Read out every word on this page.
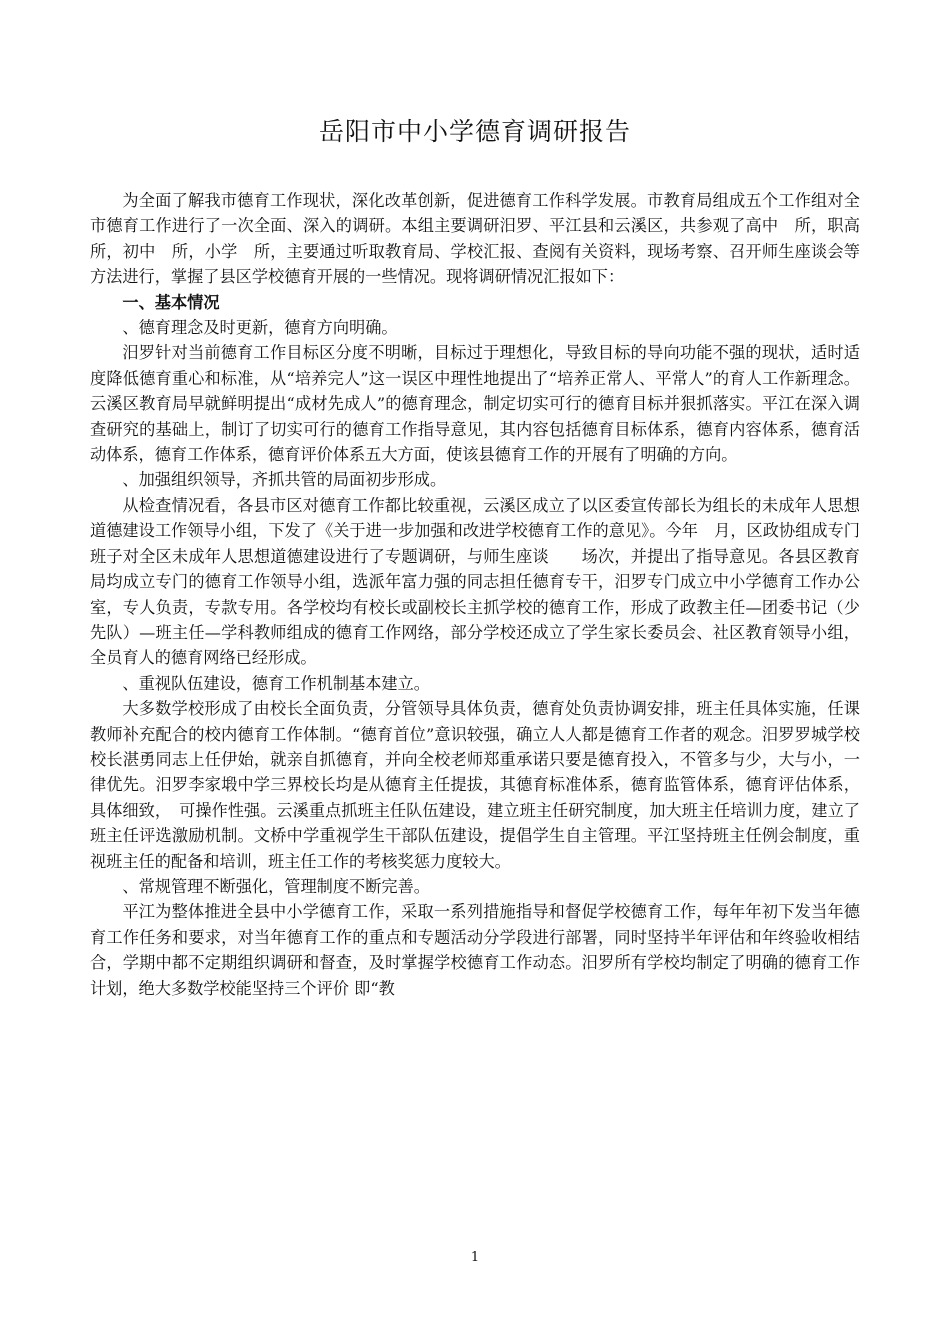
岳阳市中小学德育调研报告

为全面了解我市德育工作现状，深化改革创新，促进德育工作科学发展。市教育局组成五个工作组对全市德育工作进行了一次全面、深入的调研。本组主要调研汨罗、平江县和云溪区，共参观了高中　所，职高　所，初中　所，小学　所，主要通过听取教育局、学校汇报、查阅有关资料，现场考察、召开师生座谈会等方法进行，掌握了县区学校德育开展的一些情况。现将调研情况汇报如下：

一、基本情况

、德育理念及时更新，德育方向明确。

汨罗针对当前德育工作目标区分度不明晰，目标过于理想化，导致目标的导向功能不强的现状，适时适度降低德育重心和标准，从“培养完人”这一误区中理性地提出了“培养正常人、平常人”的育人工作新理念。云溪区教育局早就鲜明提出“成材先成人”的德育理念，制定切实可行的德育目标并狠抓落实。平江在深入调查研究的基础上，制订了切实可行的德育工作指导意见，其内容包括德育目标体系，德育内容体系，德育活动体系，德育工作体系，德育评价体系五大方面，使该县德育工作的开展有了明确的方向。

、加强组织领导，齐抓共管的局面初步形成。

从检查情况看，各县市区对德育工作都比较重视，云溪区成立了以区委宣传部长为组长的未成年人思想道德建设工作领导小组，下发了《关于进一步加强和改进学校德育工作的意见》。今年　月，区政协组成专门班子对全区未成年人思想道德建设进行了专题调研，与师生座谈　　场次，并提出了指导意见。各县区教育局均成立专门的德育工作领导小组，选派年富力强的同志担任德育专干，汨罗专门成立中小学德育工作办公室，专人负责，专款专用。各学校均有校长或副校长主抓学校的德育工作，形成了政教主任—团委书记（少先队）—班主任—学科教师组成的德育工作网络，部分学校还成立了学生家长委员会、社区教育领导小组，全员育人的德育网络已经形成。

、重视队伍建设，德育工作机制基本建立。

大多数学校形成了由校长全面负责，分管领导具体负责，德育处负责协调安排，班主任具体实施，任课教师补充配合的校内德育工作体制。“德育首位”意识较强，确立人人都是德育工作者的观念。汨罗罗城学校校长湛勇同志上任伊始，就亲自抓德育，并向全校老师郑重承诺只要是德育投入，不管多与少，大与小，一律优先。汨罗李家塅中学三界校长均是从德育主任提拔，其德育标准体系，德育监管体系，德育评估体系，具体细致，　可操作性强。云溪重点抓班主任队伍建设，建立班主任研究制度，加大班主任培训力度，建立了班主任评选激励机制。文桥中学重视学生干部队伍建设，提倡学生自主管理。平江坚持班主任例会制度，重视班主任的配备和培训，班主任工作的考核奖惩力度较大。

、常规管理不断强化，管理制度不断完善。

平江为整体推进全县中小学德育工作，采取一系列措施指导和督促学校德育工作，每年年初下发当年德育工作任务和要求，对当年德育工作的重点和专题活动分学段进行部署，同时坚持半年评估和年终验收相结合，学期中都不定期组织调研和督查，及时掌握学校德育工作动态。汨罗所有学校均制定了明确的德育工作计划，绝大多数学校能坚持三个评价 即“教

1
